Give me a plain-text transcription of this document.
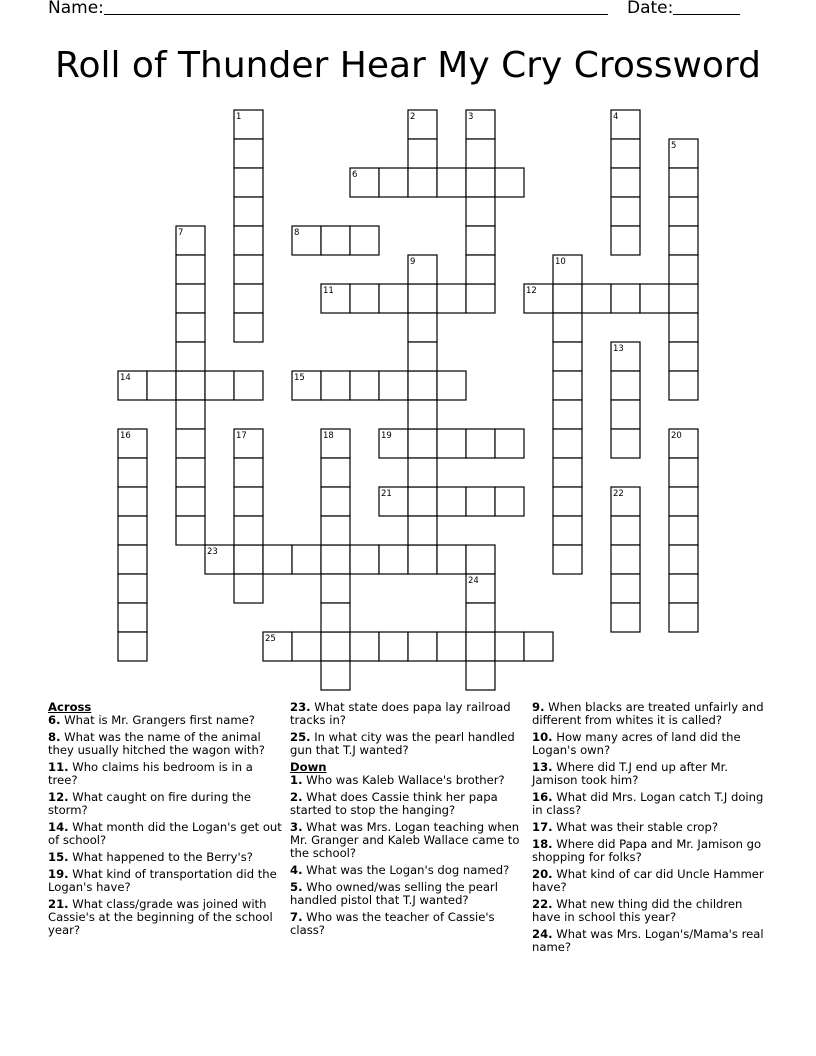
Name:	Date:
Roll of Thunder Hear My Cry Crossword
1	2	3	4
5
6
7	8
9	10
11	12
13
14	15
16	17	18	19	20
21	22
23
24
25
Across
6. What is Mr. Grangers first name?
8. What was the name of the animal they usually hitched the wagon with?
11. Who claims his bedroom is in a tree?
12. What caught on fire during the storm?
14. What month did the Logan's get out of school?
15. What happened to the Berry's?
19. What kind of transportation did the Logan's have?
21. What class/grade was joined with Cassie's at the beginning of the school year?
23. What state does papa lay railroad tracks in?
25. In what city was the pearl handled gun that T.J wanted?
Down
1. Who was Kaleb Wallace's brother?
2. What does Cassie think her papa started to stop the hanging?
3. What was Mrs. Logan teaching when Mr. Granger and Kaleb Wallace came to the school?
4. What was the Logan's dog named?
5. Who owned/was selling the pearl handled pistol that T.J wanted?
7. Who was the teacher of Cassie's class?
9. When blacks are treated unfairly and different from whites it is called?
10. How many acres of land did the Logan's own?
13. Where did T.J end up after Mr. Jamison took him?
16. What did Mrs. Logan catch T.J doing in class?
17. What was their stable crop?
18. Where did Papa and Mr. Jamison go shopping for folks?
20. What kind of car did Uncle Hammer have?
22. What new thing did the children have in school this year?
24. What was Mrs. Logan's/Mama's real name?
